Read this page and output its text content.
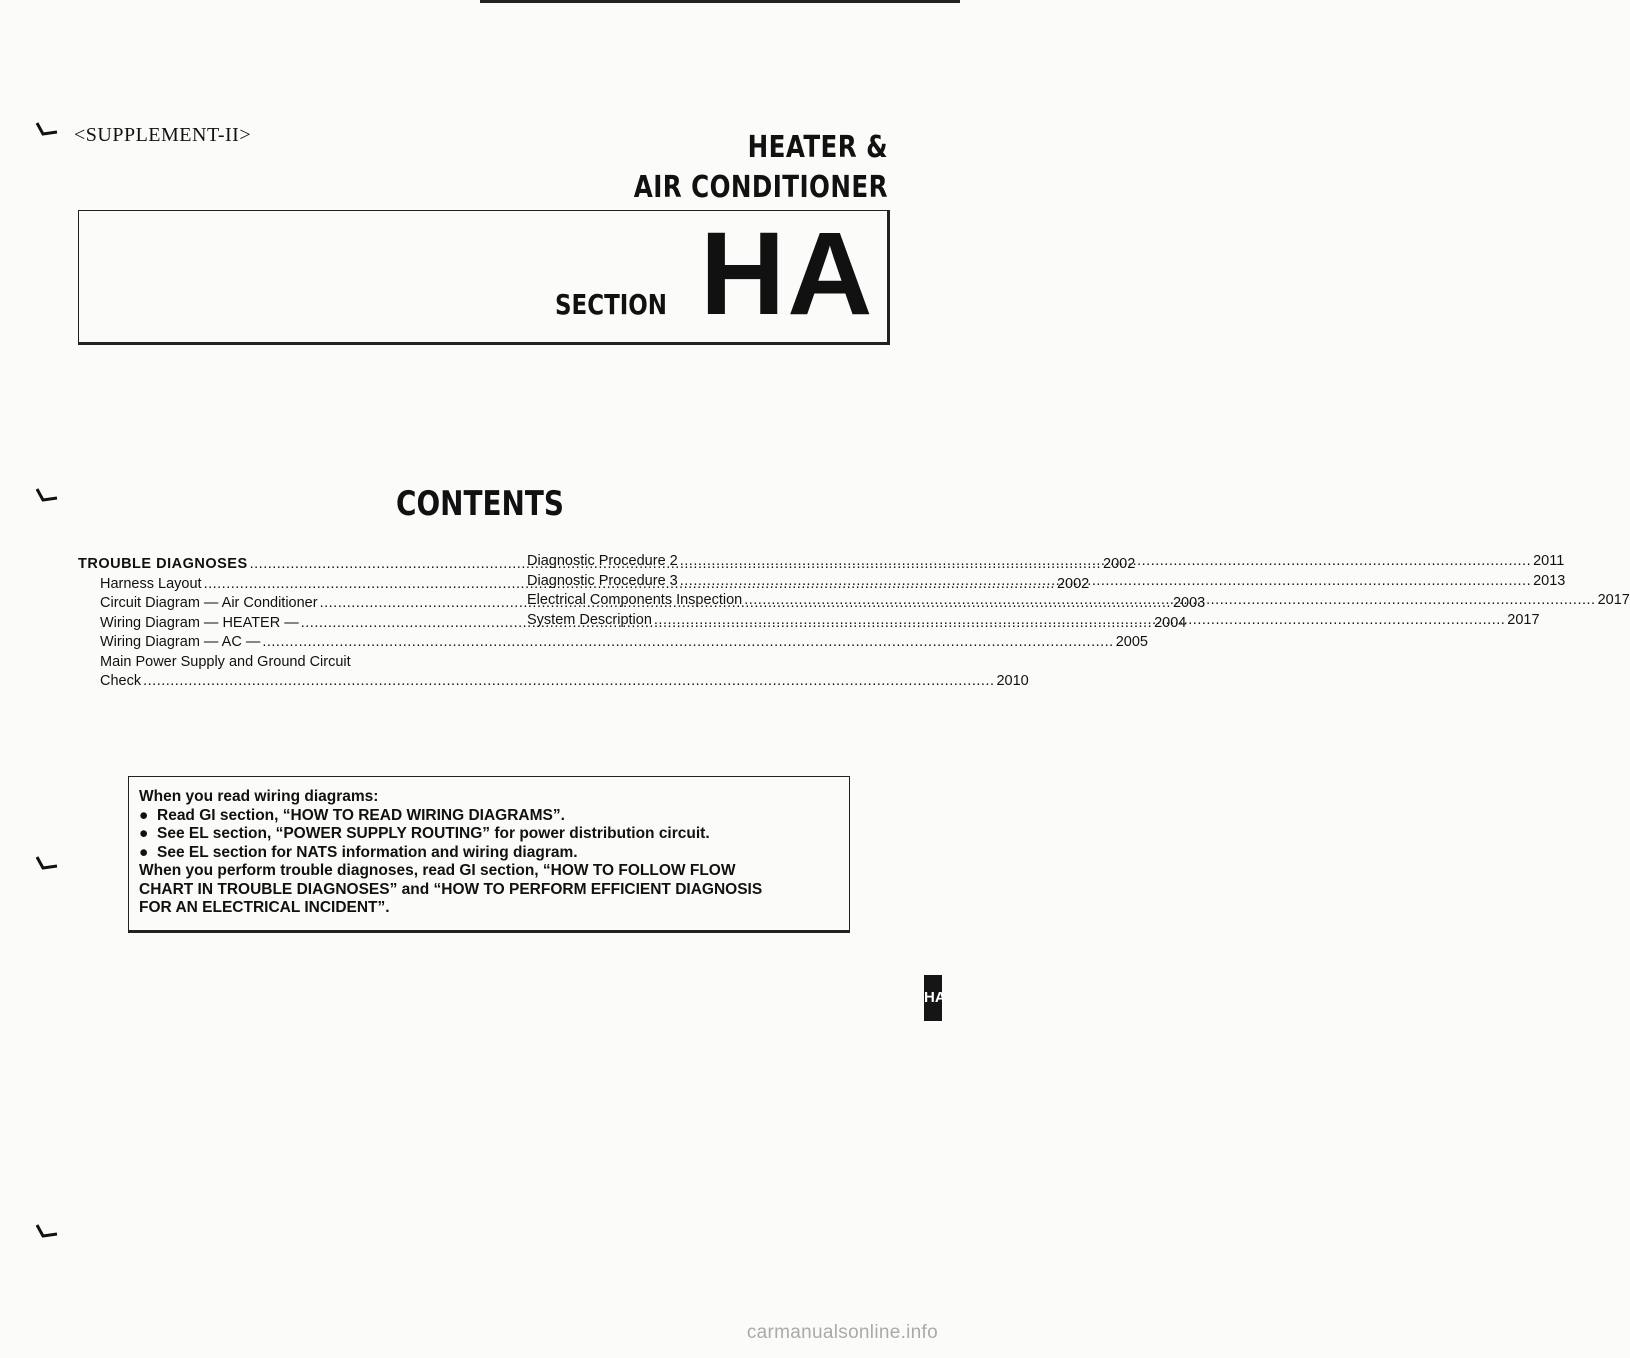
<SUPPLEMENT-II>	HEATER &
AIR CONDITIONER
SECTION HA
CONTENTS
TROUBLE DIAGNOSES .....	2002
Harness Layout .....	2002
Circuit Diagram — Air Conditioner .....	2003
Wiring Diagram — HEATER — .....	2004
Wiring Diagram — AC — .....	2005
Main Power Supply and Ground Circuit
Check .....	2010
Diagnostic Procedure 2 .....	2011
Diagnostic Procedure 3 .....	2013
Electrical Components Inspection .....	2017
System Description .....	2017
When you read wiring diagrams:
● Read GI section, “HOW TO READ WIRING DIAGRAMS”.
● See EL section, “POWER SUPPLY ROUTING” for power distribution circuit.
● See EL section for NATS information and wiring diagram.
When you perform trouble diagnoses, read GI section, “HOW TO FOLLOW FLOW
CHART IN TROUBLE DIAGNOSES” and “HOW TO PERFORM EFFICIENT DIAGNOSIS
FOR AN ELECTRICAL INCIDENT”.
HA
carmanualsonline.info
